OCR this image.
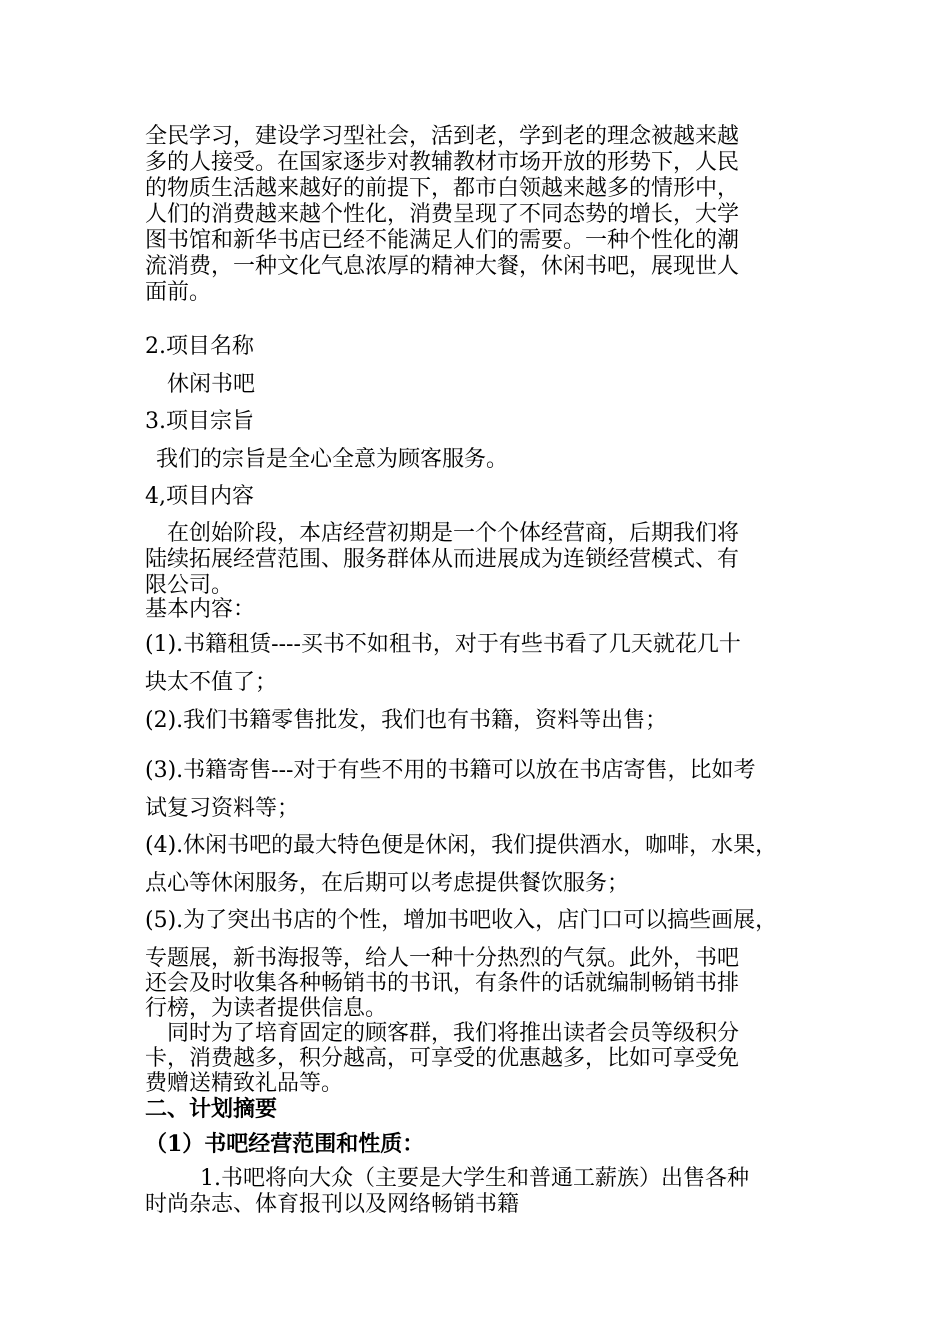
全民学习，建设学习型社会，活到老，学到老的理念被越来越
多的人接受。在国家逐步对教辅教材市场开放的形势下，人民
的物质生活越来越好的前提下，都市白领越来越多的情形中，
人们的消费越来越个性化，消费呈现了不同态势的增长，大学
图书馆和新华书店已经不能满足人们的需要。一种个性化的潮
流消费，一种文化气息浓厚的精神大餐，休闲书吧，展现世人
面前。
2.项目名称
休闲书吧
3.项目宗旨
我们的宗旨是全心全意为顾客服务。
4,项目内容
在创始阶段，本店经营初期是一个个体经营商，后期我们将
陆续拓展经营范围、服务群体从而进展成为连锁经营模式、有
限公司。
基本内容：
(1).书籍租赁----买书不如租书，对于有些书看了几天就花几十
块太不值了；
(2).我们书籍零售批发，我们也有书籍，资料等出售；
(3).书籍寄售---对于有些不用的书籍可以放在书店寄售，比如考
试复习资料等；
(4).休闲书吧的最大特色便是休闲，我们提供酒水，咖啡，水果，
点心等休闲服务，在后期可以考虑提供餐饮服务；
(5).为了突出书店的个性，增加书吧收入，店门口可以搞些画展，
专题展，新书海报等，给人一种十分热烈的气氛。此外，书吧
还会及时收集各种畅销书的书讯，有条件的话就编制畅销书排
行榜，为读者提供信息。
同时为了培育固定的顾客群，我们将推出读者会员等级积分
卡，消费越多，积分越高，可享受的优惠越多，比如可享受免
费赠送精致礼品等。
二、计划摘要
（1）书吧经营范围和性质：
1.书吧将向大众（主要是大学生和普通工薪族）出售各种
时尚杂志、体育报刊以及网络畅销书籍
